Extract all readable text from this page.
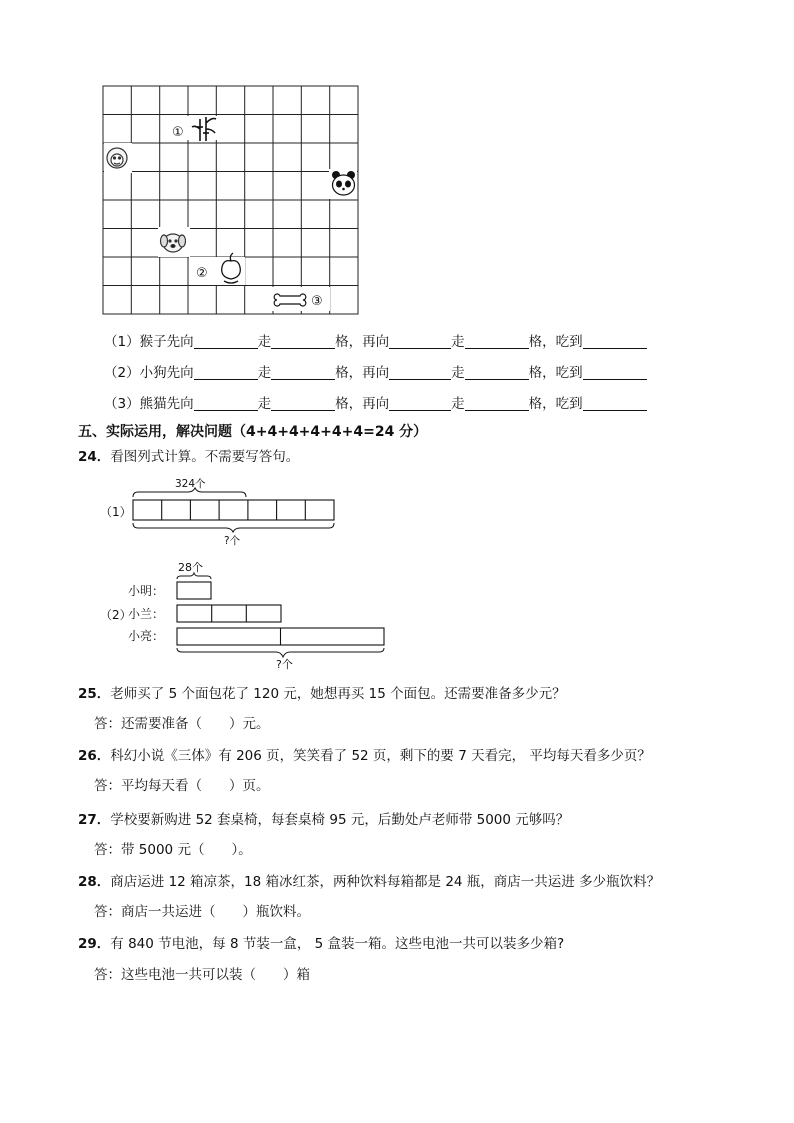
①
②
③
（1）猴子先向	走	格，再向	走	格，吃到
（2）小狗先向	走	格，再向	走	格，吃到
（3）熊猫先向	走	格，再向	走	格，吃到
五、实际运用，解决问题（4+4+4+4+4+4=24 分）
24．看图列式计算。不需要写答句。
（1）
324个
?个
28个
小明：
（2）
小兰：
小亮：
?个
25．老师买了 5 个面包花了 120 元，她想再买 15 个面包。还需要准备多少元？
答：还需要准备（　　）元。
26．科幻小说《三体》有 206 页，笑笑看了 52 页，剩下的要 7 天看完， 平均每天看多少页？
答：平均每天看（　　）页。
27．学校要新购进 52 套桌椅，每套桌椅 95 元，后勤处卢老师带 5000 元够吗？
答：带 5000 元（　　）。
28．商店运进 12 箱凉茶，18 箱冰红茶，两种饮料每箱都是 24 瓶，商店一共运进 多少瓶饮料？
答：商店一共运进（　　）瓶饮料。
29．有 840 节电池，每 8 节装一盒， 5 盒装一箱。这些电池一共可以装多少箱?
答：这些电池一共可以装（　　）箱
